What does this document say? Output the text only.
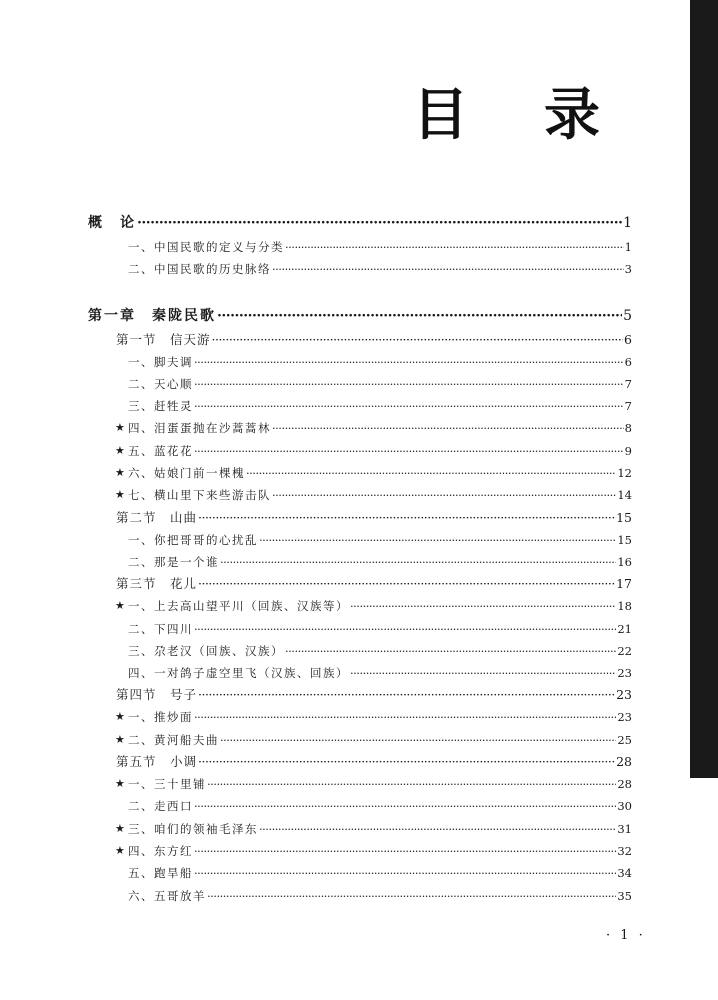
目 录
概　论 ·····	1
一、中国民歌的定义与分类 ·····	1
二、中国民歌的历史脉络 ·····	3
第一章　秦陇民歌 ·····	5
第一节　信天游 ·····	6
一、脚夫调 ·····	6
二、天心顺 ·····	7
三、赶牲灵 ·····	7
★ 四、泪蛋蛋抛在沙蒿蒿林 ·····	8
★ 五、蓝花花 ·····	9
★ 六、姑娘门前一棵槐 ·····	12
★ 七、横山里下来些游击队 ·····	14
第二节　山曲 ·····	15
一、你把哥哥的心扰乱 ·····	15
二、那是一个谁 ·····	16
第三节　花儿 ·····	17
★ 一、上去高山望平川（回族、汉族等） ·····	18
二、下四川 ·····	21
三、尕老汉（回族、汉族） ·····	22
四、一对鸽子虚空里飞（汉族、回族） ·····	23
第四节　号子 ·····	23
★ 一、推炒面 ·····	23
★ 二、黄河船夫曲 ·····	25
第五节　小调 ·····	28
★ 一、三十里铺 ·····	28
二、走西口 ·····	30
★ 三、咱们的领袖毛泽东 ·····	31
★ 四、东方红 ·····	32
五、跑旱船 ·····	34
六、五哥放羊 ·····	35
· 1 ·
